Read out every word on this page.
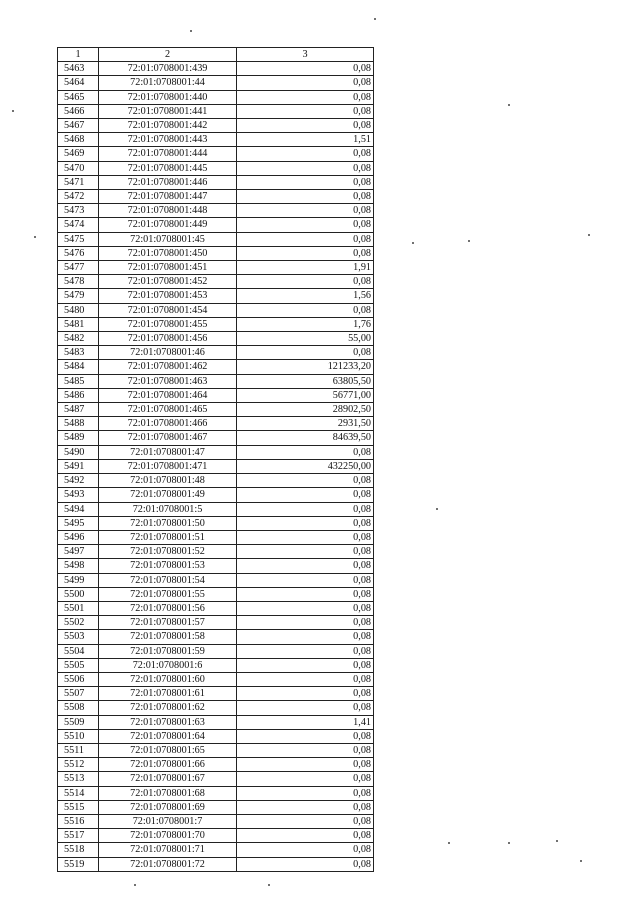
1	2	3
5463	72:01:0708001:439	0,08
5464	72:01:0708001:44	0,08
5465	72:01:0708001:440	0,08
5466	72:01:0708001:441	0,08
5467	72:01:0708001:442	0,08
5468	72:01:0708001:443	1,51
5469	72:01:0708001:444	0,08
5470	72:01:0708001:445	0,08
5471	72:01:0708001:446	0,08
5472	72:01:0708001:447	0,08
5473	72:01:0708001:448	0,08
5474	72:01:0708001:449	0,08
5475	72:01:0708001:45	0,08
5476	72:01:0708001:450	0,08
5477	72:01:0708001:451	1,91
5478	72:01:0708001:452	0,08
5479	72:01:0708001:453	1,56
5480	72:01:0708001:454	0,08
5481	72:01:0708001:455	1,76
5482	72:01:0708001:456	55,00
5483	72:01:0708001:46	0,08
5484	72:01:0708001:462	121233,20
5485	72:01:0708001:463	63805,50
5486	72:01:0708001:464	56771,00
5487	72:01:0708001:465	28902,50
5488	72:01:0708001:466	2931,50
5489	72:01:0708001:467	84639,50
5490	72:01:0708001:47	0,08
5491	72:01:0708001:471	432250,00
5492	72:01:0708001:48	0,08
5493	72:01:0708001:49	0,08
5494	72:01:0708001:5	0,08
5495	72:01:0708001:50	0,08
5496	72:01:0708001:51	0,08
5497	72:01:0708001:52	0,08
5498	72:01:0708001:53	0,08
5499	72:01:0708001:54	0,08
5500	72:01:0708001:55	0,08
5501	72:01:0708001:56	0,08
5502	72:01:0708001:57	0,08
5503	72:01:0708001:58	0,08
5504	72:01:0708001:59	0,08
5505	72:01:0708001:6	0,08
5506	72:01:0708001:60	0,08
5507	72:01:0708001:61	0,08
5508	72:01:0708001:62	0,08
5509	72:01:0708001:63	1,41
5510	72:01:0708001:64	0,08
5511	72:01:0708001:65	0,08
5512	72:01:0708001:66	0,08
5513	72:01:0708001:67	0,08
5514	72:01:0708001:68	0,08
5515	72:01:0708001:69	0,08
5516	72:01:0708001:7	0,08
5517	72:01:0708001:70	0,08
5518	72:01:0708001:71	0,08
5519	72:01:0708001:72	0,08
